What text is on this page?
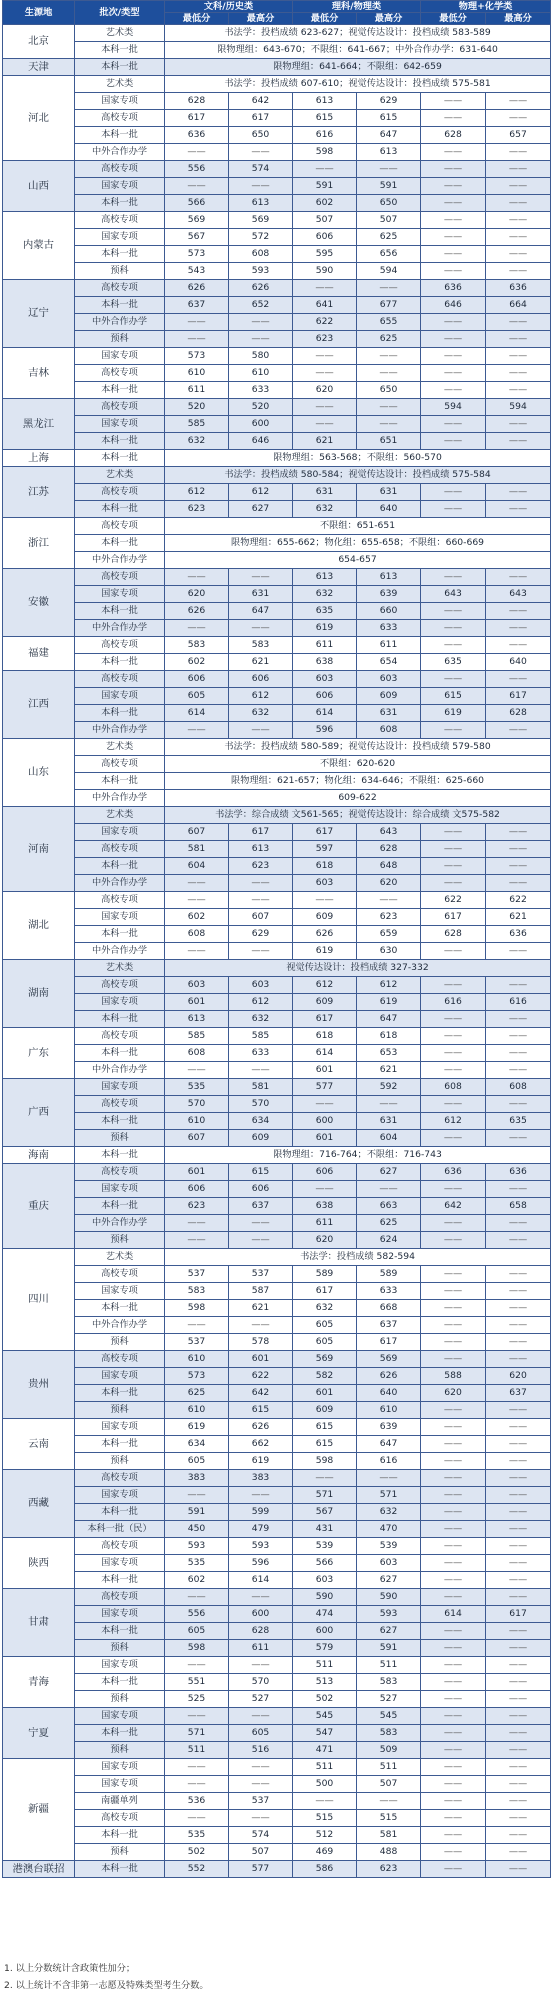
生源地	批次/类型	文科/历史类		理科/物理类		物理+化学类	
		最低分	最高分	最低分	最高分	最低分	最高分
北京	艺术类	书法学：投档成绩 623-627；视觉传达设计：投档成绩 583-589					
	本科一批	限物理组：643-670；不限组：641-667；中外合作办学：631-640					
天津	本科一批	限物理组：641-664；不限组：642-659					
河北	艺术类	书法学：投档成绩 607-610；视觉传达设计：投档成绩 575-581					
	国家专项	628	642	613	629	——	——
	高校专项	617	617	615	615	——	——
	本科一批	636	650	616	647	628	657
	中外合作办学	——	——	598	613	——	——
山西	高校专项	556	574	——	——	——	——
	国家专项	——	——	591	591	——	——
	本科一批	566	613	602	650	——	——
内蒙古	高校专项	569	569	507	507	——	——
	国家专项	567	572	606	625	——	——
	本科一批	573	608	595	656	——	——
	预科	543	593	590	594	——	——
辽宁	高校专项	626	626	——	——	636	636
	本科一批	637	652	641	677	646	664
	中外合作办学	——	——	622	655	——	——
	预科	——	——	623	625	——	——
吉林	国家专项	573	580	——	——	——	——
	高校专项	610	610	——	——	——	——
	本科一批	611	633	620	650	——	——
黑龙江	高校专项	520	520	——	——	594	594
	国家专项	585	600	——	——	——	——
	本科一批	632	646	621	651	——	——
上海	本科一批	限物理组：563-568；不限组：560-570					
江苏	艺术类	书法学：投档成绩 580-584；视觉传达设计：投档成绩 575-584					
	高校专项	612	612	631	631	——	——
	本科一批	623	627	632	640	——	——
浙江	高校专项	不限组：651-651					
	本科一批	限物理组：655-662；物化组：655-658；不限组：660-669					
	中外合作办学	654-657					
安徽	高校专项	——	——	613	613	——	——
	国家专项	620	631	632	639	643	643
	本科一批	626	647	635	660	——	——
	中外合作办学	——	——	619	633	——	——
福建	高校专项	583	583	611	611	——	——
	本科一批	602	621	638	654	635	640
江西	高校专项	606	606	603	603	——	——
	国家专项	605	612	606	609	615	617
	本科一批	614	632	614	631	619	628
	中外合作办学	——	——	596	608	——	——
山东	艺术类	书法学：投档成绩 580-589；视觉传达设计：投档成绩 579-580					
	高校专项	不限组：620-620					
	本科一批	限物理组：621-657；物化组：634-646；不限组：625-660					
	中外合作办学	609-622					
河南	艺术类	书法学：综合成绩 文561-565；视觉传达设计：综合成绩 文575-582					
	国家专项	607	617	617	643	——	——
	高校专项	581	613	597	628	——	——
	本科一批	604	623	618	648	——	——
	中外合作办学	——	——	603	620	——	——
湖北	高校专项	——	——	——	——	622	622
	国家专项	602	607	609	623	617	621
	本科一批	608	629	626	659	628	636
	中外合作办学	——	——	619	630	——	——
湖南	艺术类	视觉传达设计：投档成绩 327-332					
	高校专项	603	603	612	612	——	——
	国家专项	601	612	609	619	616	616
	本科一批	613	632	617	647	——	——
广东	高校专项	585	585	618	618	——	——
	本科一批	608	633	614	653	——	——
	中外合作办学	——	——	601	621	——	——
广西	国家专项	535	581	577	592	608	608
	高校专项	570	570	——	——	——	——
	本科一批	610	634	600	631	612	635
	预科	607	609	601	604	——	——
海南	本科一批	限物理组：716-764；不限组：716-743					
重庆	高校专项	601	615	606	627	636	636
	国家专项	606	606	——	——	——	——
	本科一批	623	637	638	663	642	658
	中外合作办学	——	——	611	625	——	——
	预科	——	——	620	624	——	——
四川	艺术类	书法学：投档成绩 582-594					
	高校专项	537	537	589	589	——	——
	国家专项	583	587	617	633	——	——
	本科一批	598	621	632	668	——	——
	中外合作办学	——	——	605	637	——	——
	预科	537	578	605	617	——	——
贵州	高校专项	610	601	569	569	——	——
	国家专项	573	622	582	626	588	620
	本科一批	625	642	601	640	620	637
	预科	610	615	609	610	——	——
云南	国家专项	619	626	615	639	——	——
	本科一批	634	662	615	647	——	——
	预科	605	619	598	616	——	——
西藏	高校专项	383	383	——	——	——	——
	国家专项	——	——	571	571	——	——
	本科一批	591	599	567	632	——	——
	本科一批（民）	450	479	431	470	——	——
陕西	高校专项	593	593	539	539	——	——
	国家专项	535	596	566	603	——	——
	本科一批	602	614	603	627	——	——
甘肃	高校专项	——	——	590	590	——	——
	国家专项	556	600	474	593	614	617
	本科一批	605	628	600	627	——	——
	预科	598	611	579	591	——	——
青海	国家专项	——	——	511	511	——	——
	本科一批	551	570	513	583	——	——
	预科	525	527	502	527	——	——
宁夏	国家专项	——	——	545	545	——	——
	本科一批	571	605	547	583	——	——
	预科	511	516	471	509	——	——
新疆	国家专项	——	——	511	511	——	——
	国家专项	——	——	500	507	——	——
	南疆单列	536	537	——	——	——	——
	高校专项	——	——	515	515	——	——
	本科一批	535	574	512	581	——	——
	预科	502	507	469	488	——	——
港澳台联招	本科一批	552	577	586	623	——	——
1. 以上分数统计含政策性加分；
2. 以上统计不含非第一志愿及特殊类型考生分数。
